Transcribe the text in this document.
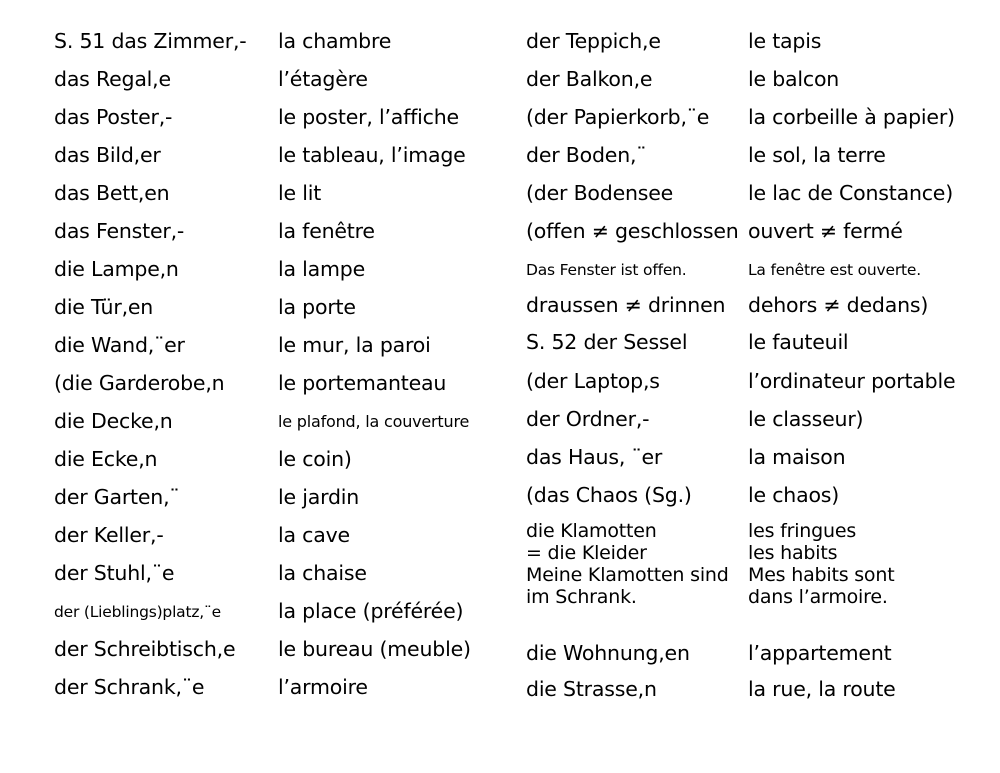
S. 51 das Zimmer,-
das Regal,e
das Poster,-
das Bild,er
das Bett,en
das Fenster,-
die Lampe,n
die Tür,en
die Wand,¨er
(die Garderobe,n
die Decke,n
die Ecke,n
der Garten,¨
der Keller,-
der Stuhl,¨e
der (Lieblings)platz,¨e
der Schreibtisch,e
der Schrank,¨e
la chambre
l’étagère
le poster, l’affiche
le tableau, l’image
le lit
la fenêtre
la lampe
la porte
le mur, la paroi
le portemanteau
le plafond, la couverture
le coin)
le jardin
la cave
la chaise
la place (préférée)
le bureau (meuble)
l’armoire
der Teppich,e
der Balkon,e
(der Papierkorb,¨e
der Boden,¨
(der Bodensee
(offen ≠ geschlossen
Das Fenster ist offen.
draussen ≠ drinnen
S. 52 der Sessel
(der Laptop,s
der Ordner,-
das Haus, ¨er
(das Chaos (Sg.)
die Klamotten
= die Kleider
Meine Klamotten sind
im Schrank.
die Wohnung,en
die Strasse,n
le tapis
le balcon
la corbeille à papier)
le sol, la terre
le lac de Constance)
ouvert ≠ fermé
La fenêtre est ouverte.
dehors ≠ dedans)
le fauteuil
l’ordinateur portable
le classeur)
la maison
le chaos)
les fringues
les habits
Mes habits sont
dans l’armoire.
l’appartement
la rue, la route
